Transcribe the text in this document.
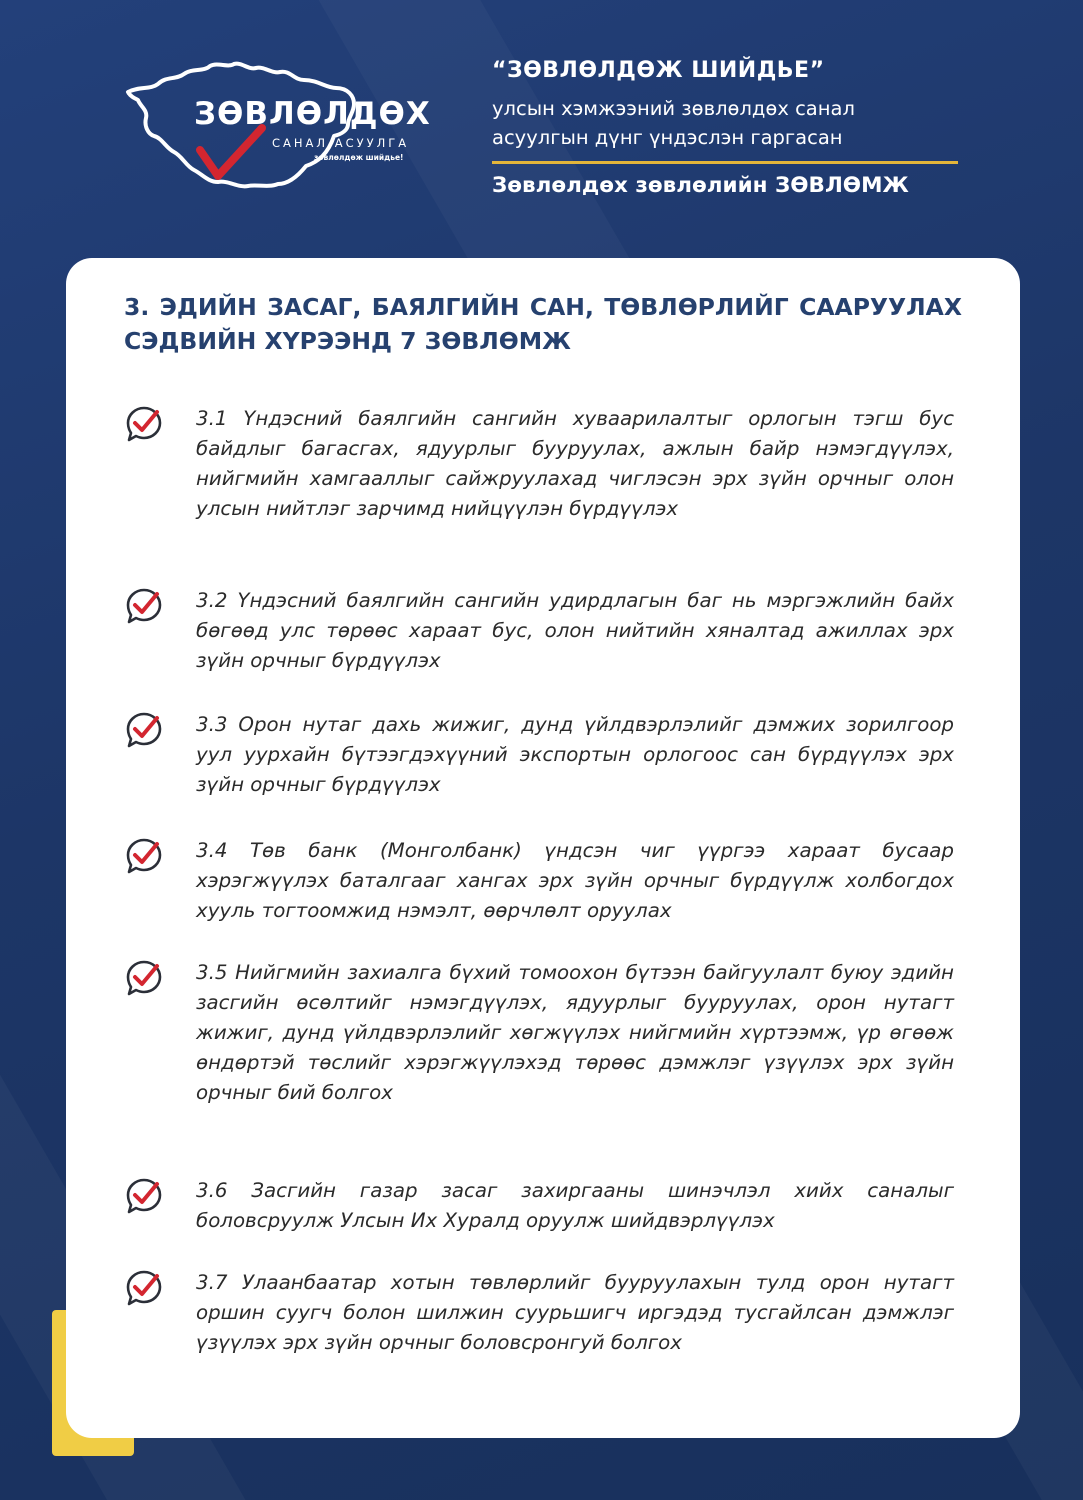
ЗӨВЛӨЛДӨХ
САНАЛ АСУУЛГА
зөвлөлдөж шийдье!
“ЗӨВЛӨЛДӨЖ ШИЙДЬЕ”
улсын хэмжээний зөвлөлдөх санал асуулгын дүнг үндэслэн гаргасан
Зөвлөлдөх зөвлөлийн ЗӨВЛӨМЖ
3. ЭДИЙН ЗАСАГ, БАЯЛГИЙН САН, ТӨВЛӨРЛИЙГ СААРУУЛАХ СЭДВИЙН ХҮРЭЭНД 7 ЗӨВЛӨМЖ
3.1 Үндэсний баялгийн сангийн хуваарилалтыг орлогын тэгш бус байдлыг багасгах, ядуурлыг бууруулах, ажлын байр нэмэгдүүлэх, нийгмийн хамгааллыг сайжруулахад чиглэсэн эрх зүйн орчныг олон улсын нийтлэг зарчимд нийцүүлэн бүрдүүлэх
3.2 Үндэсний баялгийн сангийн удирдлагын баг нь мэргэжлийн байх бөгөөд улс төрөөс хараат бус, олон нийтийн хяналтад ажиллах эрх зүйн орчныг бүрдүүлэх
3.3 Орон нутаг дахь жижиг, дунд үйлдвэрлэлийг дэмжих зорилгоор уул уурхайн бүтээгдэхүүний экспортын орлогоос сан бүрдүүлэх эрх зүйн орчныг бүрдүүлэх
3.4 Төв банк (Монголбанк) үндсэн чиг үүргээ хараат бусаар хэрэгжүүлэх баталгааг хангах эрх зүйн орчныг бүрдүүлж холбогдох хууль тогтоомжид нэмэлт, өөрчлөлт оруулах
3.5 Нийгмийн захиалга бүхий томоохон бүтээн байгуулалт буюу эдийн засгийн өсөлтийг нэмэгдүүлэх, ядуурлыг бууруулах, орон нутагт жижиг, дунд үйлдвэрлэлийг хөгжүүлэх нийгмийн хүртээмж, үр өгөөж өндөртэй төслийг хэрэгжүүлэхэд төрөөс дэмжлэг үзүүлэх эрх зүйн орчныг бий болгох
3.6 Засгийн газар засаг захиргааны шинэчлэл хийх саналыг боловсруулж Улсын Их Хуралд оруулж шийдвэрлүүлэх
3.7 Улаанбаатар хотын төвлөрлийг бууруулахын тулд орон нутагт оршин суугч болон шилжин суурьшигч иргэдэд тусгайлсан дэмжлэг үзүүлэх эрх зүйн орчныг боловсронгуй болгох
